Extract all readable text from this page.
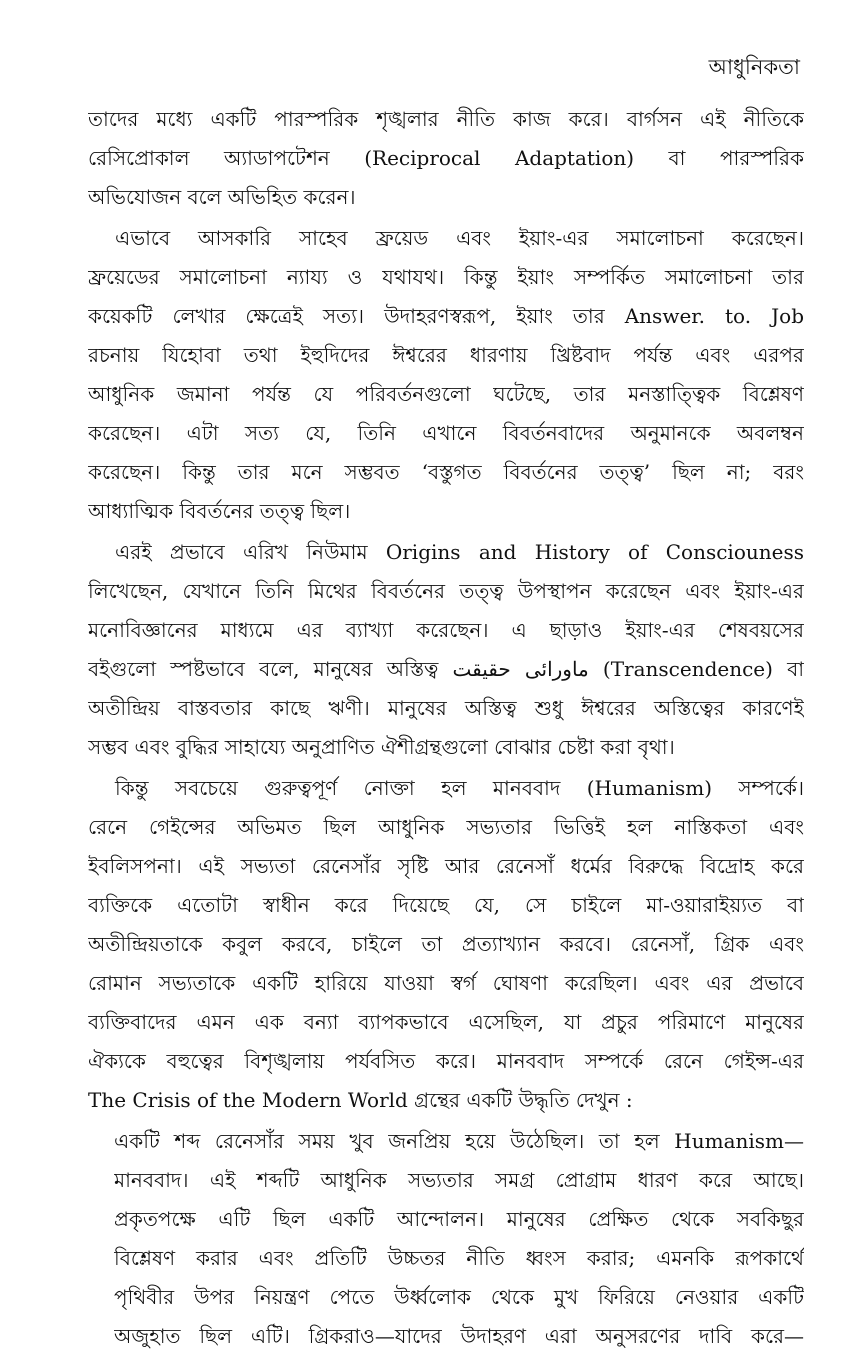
আধুনিকতা
তাদের মধ্যে একটি পারস্পরিক শৃঙ্খলার নীতি কাজ করে। বার্গসন এই নীতিকে
রেসিপ্রোকাল অ্যাডাপটেশন (Reciprocal Adaptation) বা পারস্পরিক
অভিযোজন বলে অভিহিত করেন।
এভাবে আসকারি সাহেব ফ্রয়েড এবং ইয়াং-এর সমালোচনা করেছেন।
ফ্রয়েডের সমালোচনা ন্যায্য ও যথাযথ। কিন্তু ইয়াং সম্পর্কিত সমালোচনা তার
কয়েকটি লেখার ক্ষেত্রেই সত্য। উদাহরণস্বরূপ, ইয়াং তার Answer. to. Job
রচনায় যিহোবা তথা ইহুদিদের ঈশ্বরের ধারণায় খ্রিষ্টবাদ পর্যন্ত এবং এরপর
আধুনিক জমানা পর্যন্ত যে পরিবর্তনগুলো ঘটেছে, তার মনস্তাত্ত্বিক বিশ্লেষণ
করেছেন। এটা সত্য যে, তিনি এখানে বিবর্তনবাদের অনুমানকে অবলম্বন
করেছেন। কিন্তু তার মনে সম্ভবত ‘বস্তুগত বিবর্তনের তত্ত্ব’ ছিল না; বরং
আধ্যাত্মিক বিবর্তনের তত্ত্ব ছিল।
এরই প্রভাবে এরিখ নিউমাম Origins and History of Consciouness
লিখেছেন, যেখানে তিনি মিথের বিবর্তনের তত্ত্ব উপস্থাপন করেছেন এবং ইয়াং-এর
মনোবিজ্ঞানের মাধ্যমে এর ব্যাখ্যা করেছেন। এ ছাড়াও ইয়াং-এর শেষবয়সের
বইগুলো স্পষ্টভাবে বলে, মানুষের অস্তিত্ব ماورائی حقیقت (Transcendence) বা
অতীন্দ্রিয় বাস্তবতার কাছে ঋণী। মানুষের অস্তিত্ব শুধু ঈশ্বরের অস্তিত্বের কারণেই
সম্ভব এবং বুদ্ধির সাহায্যে অনুপ্রাণিত ঐশীগ্রন্থগুলো বোঝার চেষ্টা করা বৃথা।
কিন্তু সবচেয়ে গুরুত্বপূর্ণ নোক্তা হল মানববাদ (Humanism) সম্পর্কে।
রেনে গেইন্সের অভিমত ছিল আধুনিক সভ্যতার ভিত্তিই হল নাস্তিকতা এবং
ইবলিসপনা। এই সভ্যতা রেনেসাঁর সৃষ্টি আর রেনেসাঁ ধর্মের বিরুদ্ধে বিদ্রোহ করে
ব্যক্তিকে এতোটা স্বাধীন করে দিয়েছে যে, সে চাইলে মা-ওয়ারাইয়্যত বা
অতীন্দ্রিয়তাকে কবুল করবে, চাইলে তা প্রত্যাখ্যান করবে। রেনেসাঁ, গ্রিক এবং
রোমান সভ্যতাকে একটি হারিয়ে যাওয়া স্বর্গ ঘোষণা করেছিল। এবং এর প্রভাবে
ব্যক্তিবাদের এমন এক বন্যা ব্যাপকভাবে এসেছিল, যা প্রচুর পরিমাণে মানুষের
ঐক্যকে বহুত্বের বিশৃঙ্খলায় পর্যবসিত করে। মানববাদ সম্পর্কে রেনে গেইন্স-এর
The Crisis of the Modern World গ্রন্থের একটি উদ্ধৃতি দেখুন :
একটি শব্দ রেনেসাঁর সময় খুব জনপ্রিয় হয়ে উঠেছিল। তা হল Humanism—
মানববাদ। এই শব্দটি আধুনিক সভ্যতার সমগ্র প্রোগ্রাম ধারণ করে আছে।
প্রকৃতপক্ষে এটি ছিল একটি আন্দোলন। মানুষের প্রেক্ষিত থেকে সবকিছুর
বিশ্লেষণ করার এবং প্রতিটি উচ্চতর নীতি ধ্বংস করার; এমনকি রূপকার্থে
পৃথিবীর উপর নিয়ন্ত্রণ পেতে উর্ধ্বলোক থেকে মুখ ফিরিয়ে নেওয়ার একটি
অজুহাত ছিল এটি। গ্রিকরাও—যাদের উদাহরণ এরা অনুসরণের দাবি করে—
